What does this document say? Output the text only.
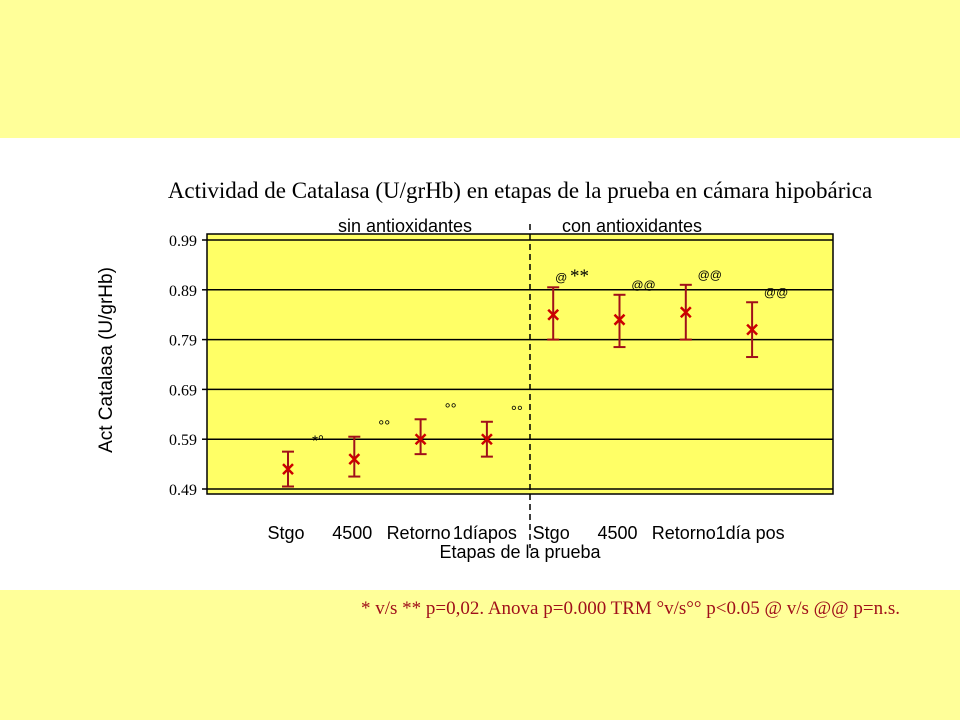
Actividad de Catalasa (U/grHb) en etapas de la prueba en cámara hipobárica
0.99
0.89
0.79
0.69
0.59
0.49
sin antioxidantes	con antioxidantes
*°
°°
°°	°°
@
@@
@@
@@
Stgo 4500 Retorno 1díapos Stgo 4500 Retorno 1día pos
Etapas de la prueba
Act Catalasa (U/grHb)	**
* v/s ** p=0,02. Anova p=0.000 TRM °v/s°° p<0.05 @ v/s @@ p=n.s.
